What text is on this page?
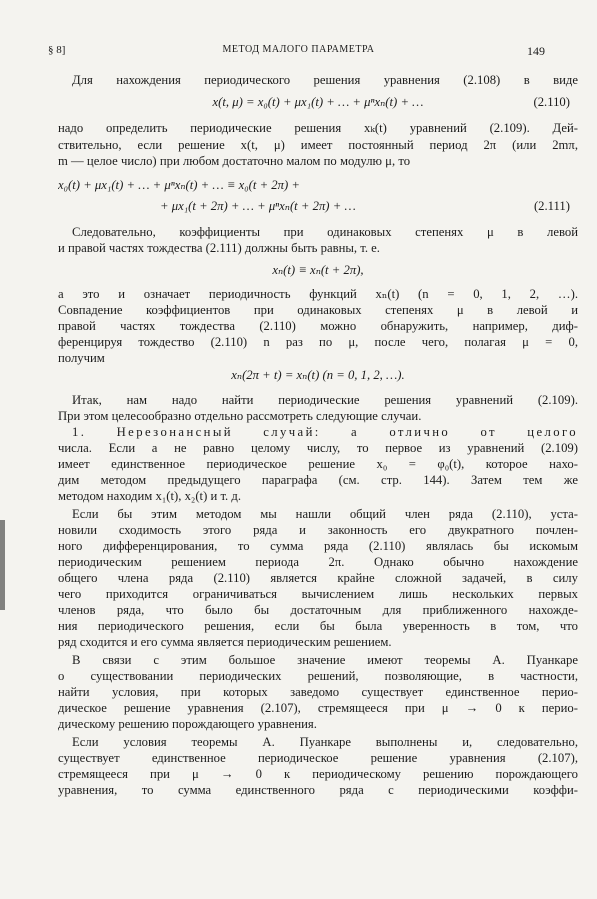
§ 8]	МЕТОД МАЛОГО ПАРАМЕТРА	149
Для нахождения периодического решения уравнения (2.108) в виде
x(t, μ) = x₀(t) + μx₁(t) + … + μⁿxₙ(t) + …	(2.110)
надо определить периодические решения xₖ(t) уравнений (2.109). Дей-
ствительно, если решение x(t, μ) имеет постоянный период 2π (или 2mπ,
m — целое число) при любом достаточно малом по модулю μ, то
x₀(t) + μx₁(t) + … + μⁿxₙ(t) + … ≡ x₀(t + 2π) +
+ μx₁(t + 2π) + … + μⁿxₙ(t + 2π) + …	(2.111)
Следовательно, коэффициенты при одинаковых степенях μ в левой
и правой частях тождества (2.111) должны быть равны, т. е.
xₙ(t) ≡ xₙ(t + 2π),
а это и означает периодичность функций xₙ(t) (n = 0, 1, 2, …).
Совпадение коэффициентов при одинаковых степенях μ в левой и
правой частях тождества (2.110) можно обнаружить, например, диф-
ференцируя тождество (2.110) n раз по μ, после чего, полагая μ = 0,
получим
xₙ(2π + t) = xₙ(t) (n = 0, 1, 2, …).
Итак, нам надо найти периодические решения уравнений (2.109).
При этом целесообразно отдельно рассмотреть следующие случаи.
1. Нерезонансный случай: a отлично от целого
числа. Если a не равно целому числу, то первое из уравнений (2.109)
имеет единственное периодическое решение x₀ = φ₀(t), которое нахо-
дим методом предыдущего параграфа (см. стр. 144). Затем тем же
методом находим x₁(t), x₂(t) и т. д.
Если бы этим методом мы нашли общий член ряда (2.110), уста-
новили сходимость этого ряда и законность его двукратного почлен-
ного дифференцирования, то сумма ряда (2.110) являлась бы искомым
периодическим решением периода 2π. Однако обычно нахождение
общего члена ряда (2.110) является крайне сложной задачей, в силу
чего приходится ограничиваться вычислением лишь нескольких первых
членов ряда, что было бы достаточным для приближенного нахожде-
ния периодического решения, если бы была уверенность в том, что
ряд сходится и его сумма является периодическим решением.
В связи с этим большое значение имеют теоремы А. Пуанкаре
о существовании периодических решений, позволяющие, в частности,
найти условия, при которых заведомо существует единственное перио-
дическое решение уравнения (2.107), стремящееся при μ → 0 к перио-
дическому решению порождающего уравнения.
Если условия теоремы А. Пуанкаре выполнены и, следовательно,
существует единственное периодическое решение уравнения (2.107),
стремящееся при μ → 0 к периодическому решению порождающего
уравнения, то сумма единственного ряда с периодическими коэффи-
